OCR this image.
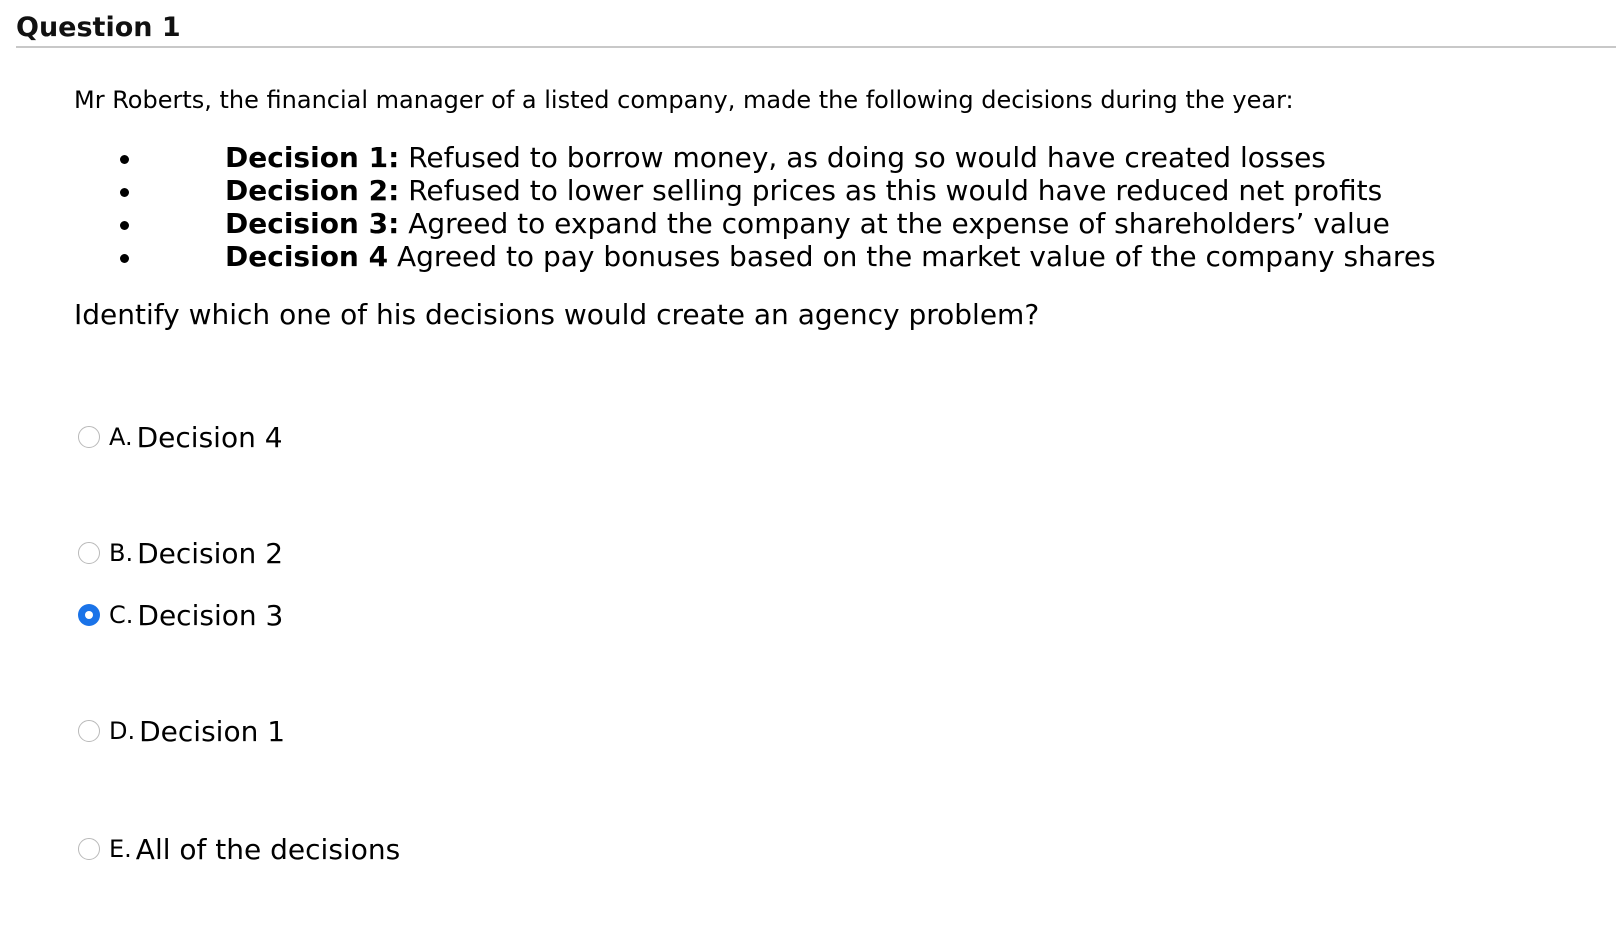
Question 1
Mr Roberts, the financial manager of a listed company, made the following decisions during the year:
Decision 1: Refused to borrow money, as doing so would have created losses
Decision 2: Refused to lower selling prices as this would have reduced net profits
Decision 3: Agreed to expand the company at the expense of shareholders’ value
Decision 4 Agreed to pay bonuses based on the market value of the company shares
Identify which one of his decisions would create an agency problem?
A. Decision 4
B. Decision 2
C. Decision 3
D. Decision 1
E. All of the decisions
